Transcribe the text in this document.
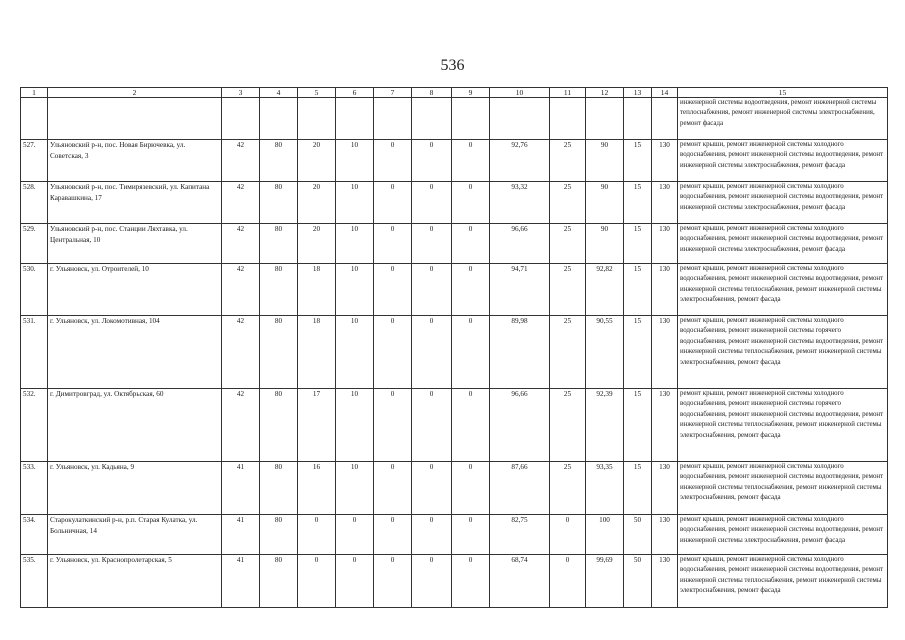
536
1	2	3	4	5	6	7	8	9	10	11	12	13	14	15
														инженерной системы водоотведения, ремонт инженерной системы теплоснабжения, ремонт инженерной системы электроснабжения, ремонт фасада
527.	Ульяновский р-н, пос. Новая Бирючевка, ул. Советская, 3	42	80	20	10	0	0	0	92,76	25	90	15	130	ремонт крыши, ремонт инженерной системы холодного водоснабжения, ремонт инженерной системы водоотведения, ремонт инженерной системы электроснабжения, ремонт фасада
528.	Ульяновский р-н, пос. Тимирязевский, ул. Капитана Каравашкина, 17	42	80	20	10	0	0	0	93,32	25	90	15	130	ремонт крыши, ремонт инженерной системы холодного водоснабжения, ремонт инженерной системы водоотведения, ремонт инженерной системы электроснабжения, ремонт фасада
529.	Ульяновский р-н, пос. Станции Ляхтавка, ул. Центральная, 10	42	80	20	10	0	0	0	96,66	25	90	15	130	ремонт крыши, ремонт инженерной системы холодного водоснабжения, ремонт инженерной системы водоотведения, ремонт инженерной системы электроснабжения, ремонт фасада
530.	г. Ульяновск, ул. Отроителей, 10	42	80	18	10	0	0	0	94,71	25	92,82	15	130	ремонт крыши, ремонт инженерной системы холодного водоснабжения, ремонт инженерной системы водоотведения, ремонт инженерной системы теплоснабжения, ремонт инженерной системы электроснабжения, ремонт фасада
531.	г. Ульяновск, ул. Локомотивная, 104	42	80	18	10	0	0	0	89,98	25	90,55	15	130	ремонт крыши, ремонт инженерной системы холодного водоснабжения, ремонт инженерной системы горячего водоснабжения, ремонт инженерной системы водоотведения, ремонт инженерной системы теплоснабжения, ремонт инженерной системы электроснабжения, ремонт фасада
532.	г. Димитровград, ул. Октябрьская, 60	42	80	17	10	0	0	0	96,66	25	92,39	15	130	ремонт крыши, ремонт инженерной системы холодного водоснабжения, ремонт инженерной системы горячего водоснабжения, ремонт инженерной системы водоотведения, ремонт инженерной системы теплоснабжения, ремонт инженерной системы электроснабжения, ремонт фасада
533.	г. Ульяновск, ул. Кадьяна, 9	41	80	16	10	0	0	0	87,66	25	93,35	15	130	ремонт крыши, ремонт инженерной системы холодного водоснабжения, ремонт инженерной системы водоотведения, ремонт инженерной системы теплоснабжения, ремонт инженерной системы электроснабжения, ремонт фасада
534.	Старокулаткинский р-н, р.п. Старая Кулатка, ул. Больничная, 14	41	80	0	0	0	0	0	82,75	0	100	50	130	ремонт крыши, ремонт инженерной системы холодного водоснабжения, ремонт инженерной системы водоотведения, ремонт инженерной системы электроснабжения, ремонт фасада
535.	г. Ульяновск, ул. Краснопролетарская, 5	41	80	0	0	0	0	0	68,74	0	99,69	50	130	ремонт крыши, ремонт инженерной системы холодного водоснабжения, ремонт инженерной системы водоотведения, ремонт инженерной системы теплоснабжения, ремонт инженерной системы электроснабжения, ремонт фасада
